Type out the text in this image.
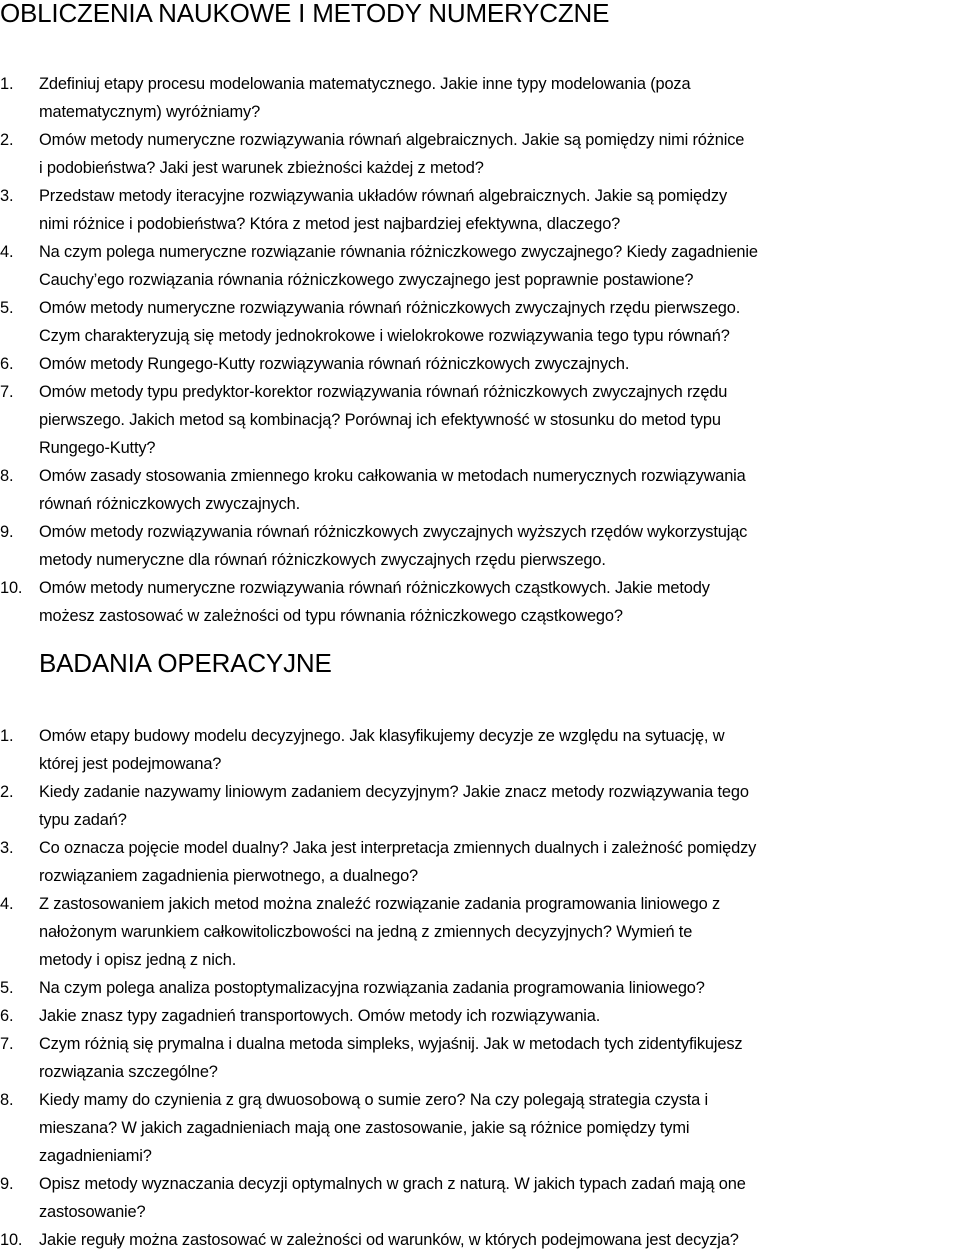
OBLICZENIA NAUKOWE I METODY NUMERYCZNE
1. Zdefiniuj etapy procesu modelowania matematycznego. Jakie inne typy modelowania (poza
matematycznym) wyróżniamy?
2. Omów metody numeryczne rozwiązywania równań algebraicznych. Jakie są pomiędzy nimi różnice
i podobieństwa? Jaki jest warunek zbieżności każdej z metod?
3. Przedstaw metody iteracyjne rozwiązywania układów równań algebraicznych. Jakie są pomiędzy
nimi różnice i podobieństwa? Która z metod jest najbardziej efektywna, dlaczego?
4. Na czym polega numeryczne rozwiązanie równania różniczkowego zwyczajnego? Kiedy zagadnienie
Cauchy’ego rozwiązania równania różniczkowego zwyczajnego jest poprawnie postawione?
5. Omów metody numeryczne rozwiązywania równań różniczkowych zwyczajnych rzędu pierwszego.
Czym charakteryzują się metody jednokrokowe i wielokrokowe rozwiązywania tego typu równań?
6. Omów metody Rungego-Kutty rozwiązywania równań różniczkowych zwyczajnych.
7. Omów metody typu predyktor-korektor rozwiązywania równań różniczkowych zwyczajnych rzędu
pierwszego. Jakich metod są kombinacją? Porównaj ich efektywność w stosunku do metod typu
Rungego-Kutty?
8. Omów zasady stosowania zmiennego kroku całkowania w metodach numerycznych rozwiązywania
równań różniczkowych zwyczajnych.
9. Omów metody rozwiązywania równań różniczkowych zwyczajnych wyższych rzędów wykorzystując
metody numeryczne dla równań różniczkowych zwyczajnych rzędu pierwszego.
10. Omów metody numeryczne rozwiązywania równań różniczkowych cząstkowych. Jakie metody
możesz zastosować w zależności od typu równania różniczkowego cząstkowego?
BADANIA OPERACYJNE
1. Omów etapy budowy modelu decyzyjnego. Jak klasyfikujemy decyzje ze względu na sytuację, w
której jest podejmowana?
2. Kiedy zadanie nazywamy liniowym zadaniem decyzyjnym? Jakie znacz metody rozwiązywania tego
typu zadań?
3. Co oznacza pojęcie model dualny? Jaka jest interpretacja zmiennych dualnych i zależność pomiędzy
rozwiązaniem zagadnienia pierwotnego, a dualnego?
4. Z zastosowaniem jakich metod można znaleźć rozwiązanie zadania programowania liniowego z
nałożonym warunkiem całkowitoliczbowości na jedną z zmiennych decyzyjnych? Wymień te
metody i opisz jedną z nich.
5. Na czym polega analiza postoptymalizacyjna rozwiązania zadania programowania liniowego?
6. Jakie znasz typy zagadnień transportowych. Omów metody ich rozwiązywania.
7. Czym różnią się prymalna i dualna metoda simpleks, wyjaśnij. Jak w metodach tych zidentyfikujesz
rozwiązania szczególne?
8. Kiedy mamy do czynienia z grą dwuosobową o sumie zero? Na czy polegają strategia czysta i
mieszana? W jakich zagadnieniach mają one zastosowanie, jakie są różnice pomiędzy tymi
zagadnieniami?
9. Opisz metody wyznaczania decyzji optymalnych w grach z naturą. W jakich typach zadań mają one
zastosowanie?
10. Jakie reguły można zastosować w zależności od warunków, w których podejmowana jest decyzja?
